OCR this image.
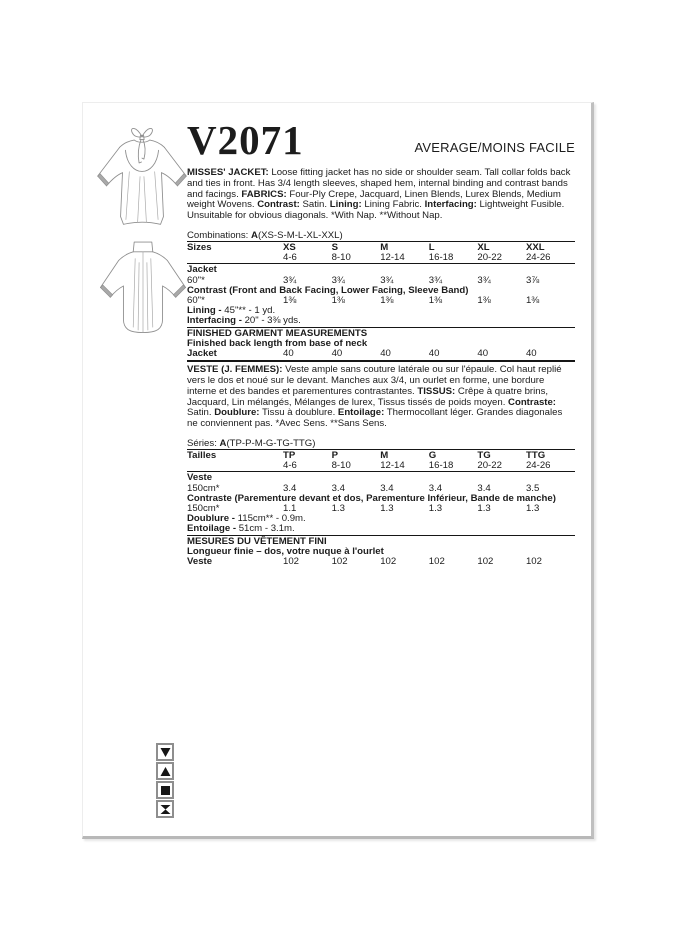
V2071	AVERAGE/MOINS FACILE

MISSES' JACKET: Loose fitting jacket has no side or shoulder seam. Tall collar folds back and ties in front. Has 3/4 length sleeves, shaped hem, internal binding and contrast bands and facings. FABRICS: Four-Ply Crepe, Jacquard, Linen Blends, Lurex Blends, Medium weight Wovens. Contrast: Satin. Lining: Lining Fabric. Interfacing: Lightweight Fusible. Unsuitable for obvious diagonals. *With Nap. **Without Nap.

Combinations: A(XS-S-M-L-XL-XXL)
Sizes	XS	S	M	L	XL	XXL
4-6	8-10	12-14	16-18	20-22	24-26
Jacket
60"*	3¾	3¾	3¾	3¾	3¾	3⅞
Contrast (Front and Back Facing, Lower Facing, Sleeve Band)
60"*	1⅜	1⅜	1⅜	1⅜	1⅜	1⅜
Lining - 45"** - 1 yd.
Interfacing - 20" - 3⅜ yds.
FINISHED GARMENT MEASUREMENTS
Finished back length from base of neck
Jacket	40	40	40	40	40	40

VESTE (J. FEMMES): Veste ample sans couture latérale ou sur l'épaule. Col haut replié vers le dos et noué sur le devant. Manches aux 3/4, un ourlet en forme, une bordure interne et des bandes et parementures contrastantes. TISSUS: Crêpe à quatre brins, Jacquard, Lin mélangés, Mélanges de lurex, Tissus tissés de poids moyen. Contraste: Satin. Doublure: Tissu à doublure. Entoilage: Thermocollant léger. Grandes diagonales ne conviennent pas. *Avec Sens. **Sans Sens.

Séries: A(TP-P-M-G-TG-TTG)
Tailles	TP	P	M	G	TG	TTG
4-6	8-10	12-14	16-18	20-22	24-26
Veste
150cm*	3.4	3.4	3.4	3.4	3.4	3.5
Contraste (Parementure devant et dos, Parementure Inférieur, Bande de manche)
150cm*	1.1	1.3	1.3	1.3	1.3	1.3
Doublure - 115cm** - 0.9m.
Entoilage - 51cm - 3.1m.
MESURES DU VÊTEMENT FINI
Longueur finie – dos, votre nuque à l'ourlet
Veste	102	102	102	102	102	102
